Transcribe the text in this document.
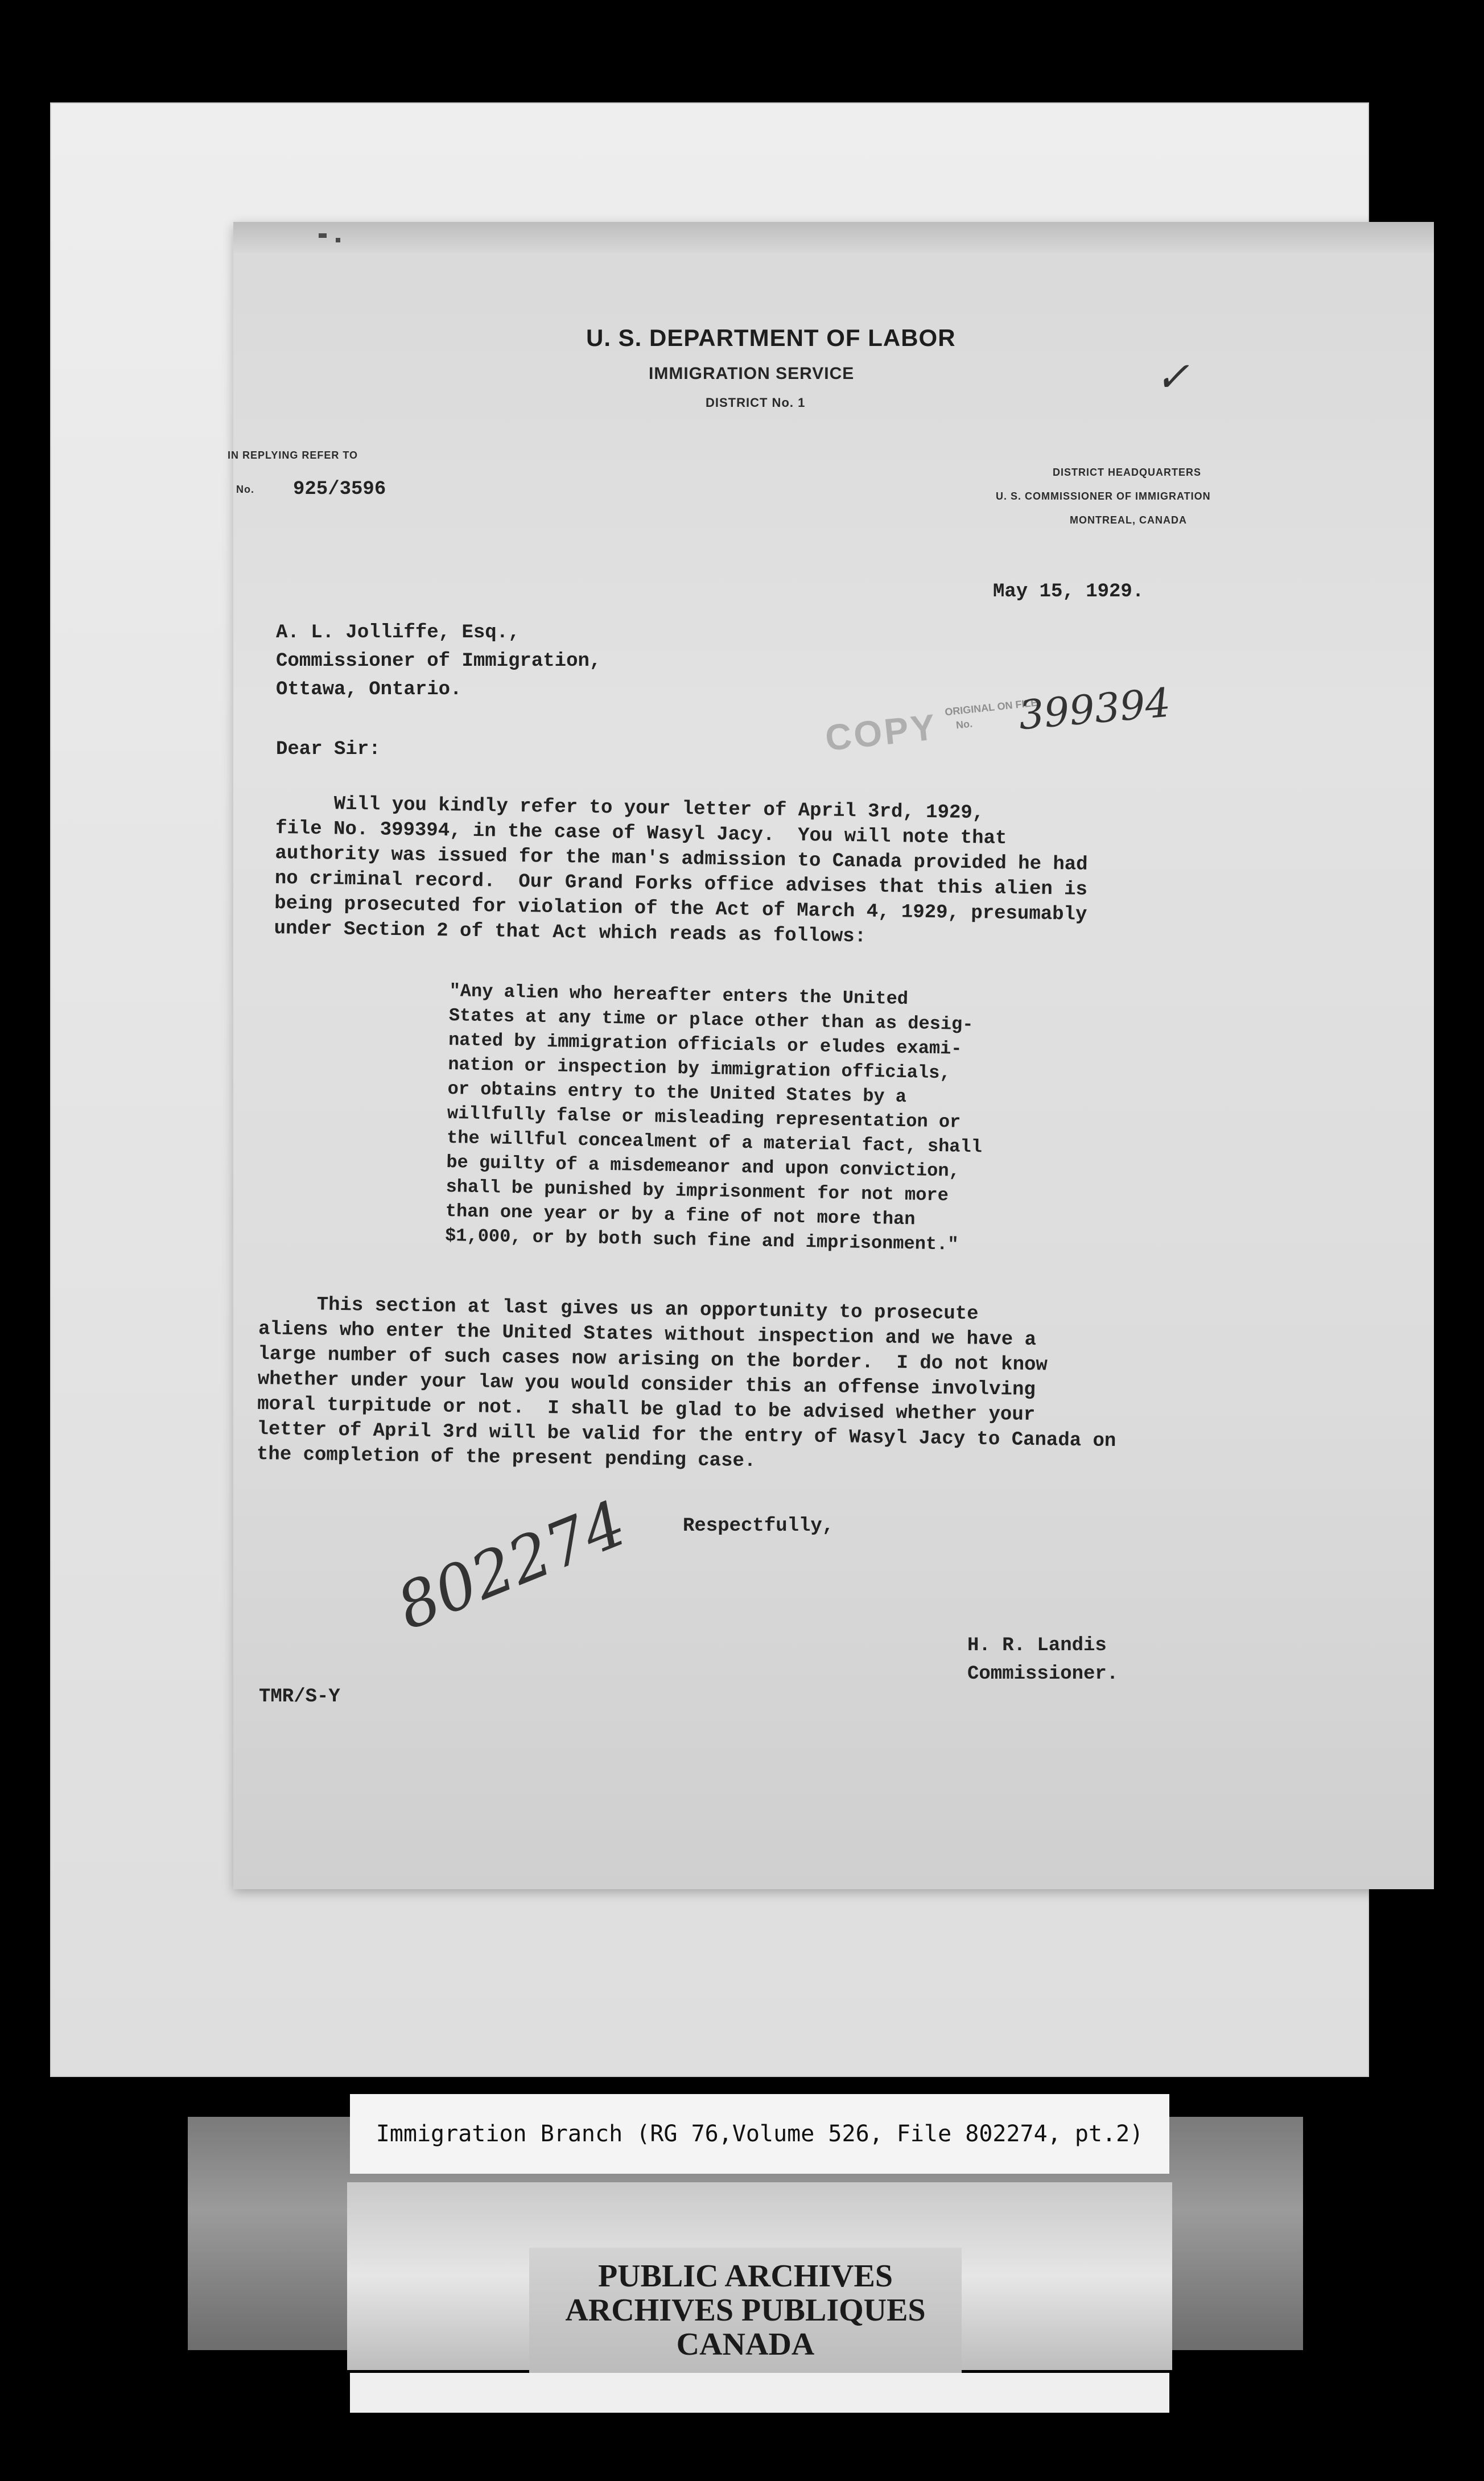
U. S. DEPARTMENT OF LABOR
IMMIGRATION SERVICE
DISTRICT No. 1
✓
IN REPLYING REFER TO
No. 925/3596
DISTRICT HEADQUARTERS
U. S. COMMISSIONER OF IMMIGRATION
MONTREAL, CANADA
May 15, 1929.
A. L. Jolliffe, Esq.,
Commissioner of Immigration,
Ottawa, Ontario.
COPY ORIGINAL ON FILE
No. 399394
Dear Sir:
Will you kindly refer to your letter of April 3rd, 1929,
file No. 399394, in the case of Wasyl Jacy.  You will note that
authority was issued for the man's admission to Canada provided he had
no criminal record.  Our Grand Forks office advises that this alien is
being prosecuted for violation of the Act of March 4, 1929, presumably
under Section 2 of that Act which reads as follows:
"Any alien who hereafter enters the United
States at any time or place other than as desig-
nated by immigration officials or eludes exami-
nation or inspection by immigration officials,
or obtains entry to the United States by a
willfully false or misleading representation or
the willful concealment of a material fact, shall
be guilty of a misdemeanor and upon conviction,
shall be punished by imprisonment for not more
than one year or by a fine of not more than
$1,000, or by both such fine and imprisonment."
This section at last gives us an opportunity to prosecute
aliens who enter the United States without inspection and we have a
large number of such cases now arising on the border.  I do not know
whether under your law you would consider this an offense involving
moral turpitude or not.  I shall be glad to be advised whether your
letter of April 3rd will be valid for the entry of Wasyl Jacy to Canada on
the completion of the present pending case.
Respectfully,
802274
H. R. Landis
Commissioner.
TMR/S-Y
Immigration Branch (RG 76,Volume 526, File 802274, pt.2)
PUBLIC ARCHIVES
ARCHIVES PUBLIQUES
CANADA
